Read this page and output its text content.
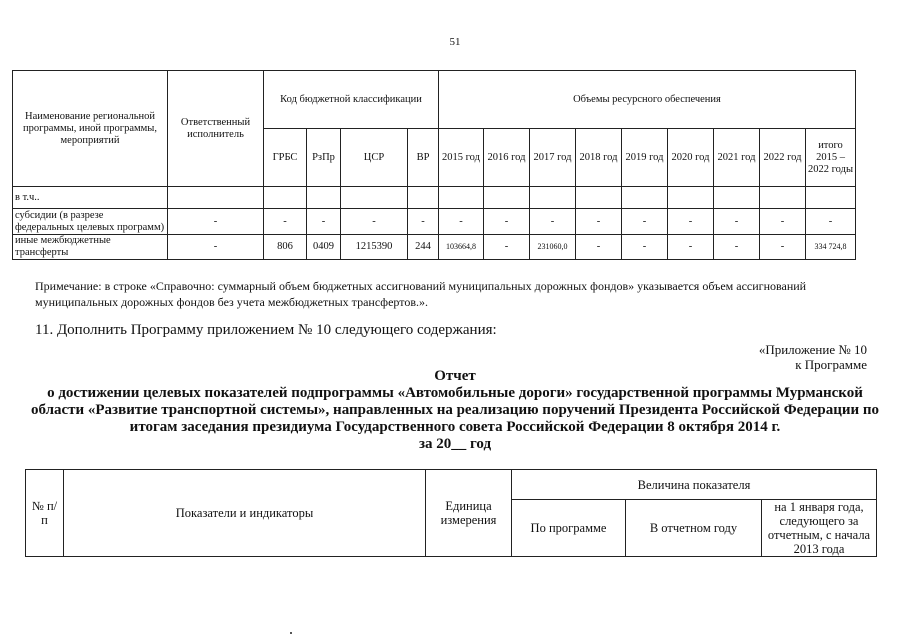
51
Наименование региональной программы, иной программы, мероприятий	Ответственный исполнитель	Код бюджетной классификации				Объемы ресурсного обеспечения								
		ГРБС	РзПр	ЦСР	ВР	2015 год	2016 год	2017 год	2018 год	2019 год	2020 год	2021 год	2022 год	итого 2015 – 2022 годы
в т.ч..														
субсидии (в разрезе федеральных целевых программ)	-	-	-	-	-	-	-	-	-	-	-	-	-	-
иные межбюджетные трансферты	-	806	0409	1215390	244	103664,8	-	231060,0	-	-	-	-	-	334 724,8
Примечание: в строке «Справочно: суммарный объем бюджетных ассигнований муниципальных дорожных фондов» указывается объем ассигнований муниципальных дорожных фондов без учета межбюджетных трансфертов.».
11. Дополнить Программу приложением № 10 следующего содержания:
«Приложение № 10
к Программе
Отчет
о достижении целевых показателей подпрограммы «Автомобильные дороги» государственной программы Мурманской области «Развитие транспортной системы», направленных на реализацию поручений Президента Российской Федерации по итогам заседания президиума Государственного совета Российской Федерации 8 октября 2014 г.
за 20__ год
№ п/п	Показатели и индикаторы	Единица измерения	Величина показателя		
			По программе	В отчетном году	на 1 января года, следующего за отчетным, с начала 2013 года
